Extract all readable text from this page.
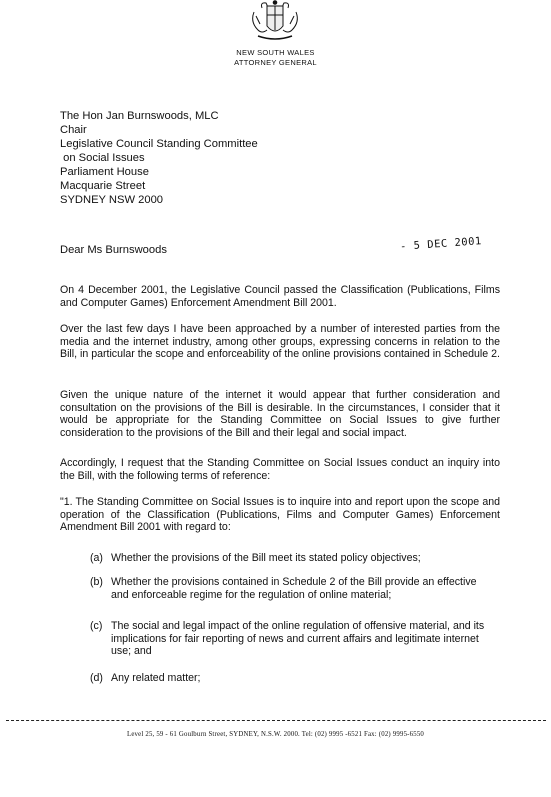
NEW SOUTH WALES
ATTORNEY GENERAL
The Hon Jan Burnswoods, MLC
Chair
Legislative Council Standing Committee
on Social Issues
Parliament House
Macquarie Street
SYDNEY NSW 2000
Dear Ms Burnswoods	- 5 DEC 2001
On 4 December 2001, the Legislative Council passed the Classification (Publications, Films and Computer Games) Enforcement Amendment Bill 2001.
Over the last few days I have been approached by a number of interested parties from the media and the internet industry, among other groups, expressing concerns in relation to the Bill, in particular the scope and enforceability of the online provisions contained in Schedule 2.
Given the unique nature of the internet it would appear that further consideration and consultation on the provisions of the Bill is desirable. In the circumstances, I consider that it would be appropriate for the Standing Committee on Social Issues to give further consideration to the provisions of the Bill and their legal and social impact.
Accordingly, I request that the Standing Committee on Social Issues conduct an inquiry into the Bill, with the following terms of reference:
"1. The Standing Committee on Social Issues is to inquire into and report upon the scope and operation of the Classification (Publications, Films and Computer Games) Enforcement Amendment Bill 2001 with regard to:
(a) Whether the provisions of the Bill meet its stated policy objectives;
(b) Whether the provisions contained in Schedule 2 of the Bill provide an effective and enforceable regime for the regulation of online material;
(c) The social and legal impact of the online regulation of offensive material, and its implications for fair reporting of news and current affairs and legitimate internet use; and
(d) Any related matter;
Level 25, 59 - 61 Goulburn Street, SYDNEY, N.S.W. 2000. Tel: (02) 9995 -6521 Fax: (02) 9995-6550
